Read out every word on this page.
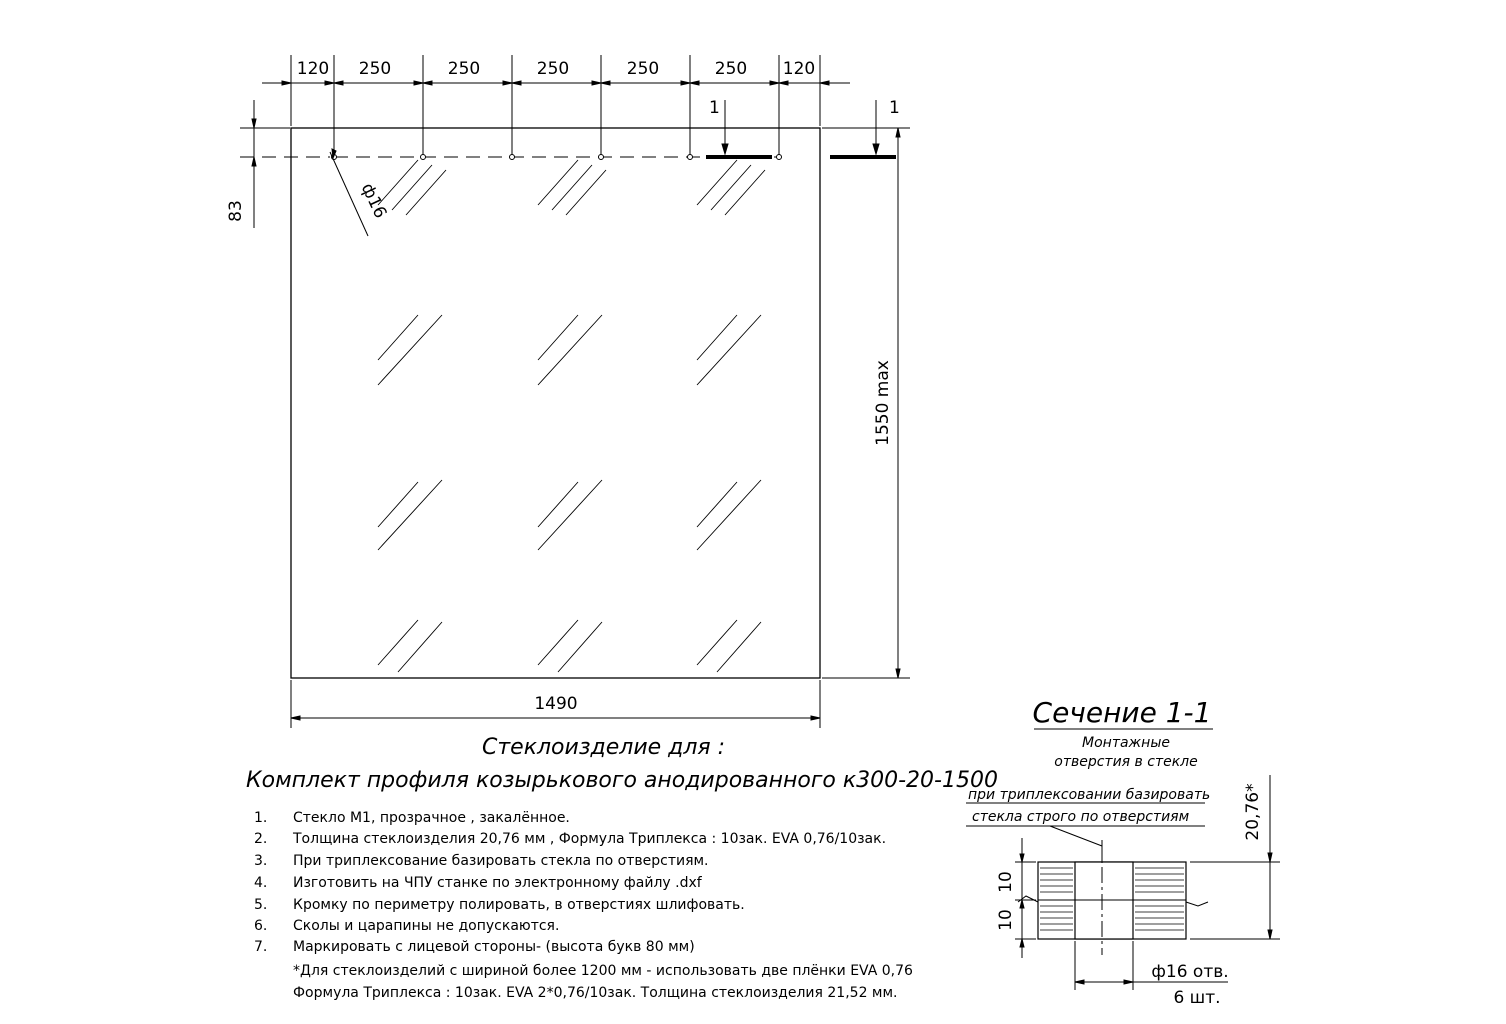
120 250	250	250	250	250 120
1490
1550 max
83	ф16
1	1
Сечение 1-1
Монтажные
отверстия в стекле
при триплексовании базировать
стекла строго по отверстиям	20,76*
10
10
ф16 отв.
6 шт.
Стеклоизделие для :
Комплект профиля козырькового анодированного к300-20-1500
1. Стекло М1, прозрачное , закалённое.
2. Толщина стеклоизделия 20,76 мм , Формула Триплекса : 10зак. EVA 0,76/10зак.
3. При триплексование базировать стекла по отверстиям.
4. Изготовить на ЧПУ станке по электронному файлу .dxf
5. Кромку по периметру полировать, в отверстиях шлифовать.
6. Сколы и царапины не допускаются.
7. Маркировать с лицевой стороны- (высота букв 80 мм)
*Для стеклоизделий с шириной более 1200 мм - использовать две плёнки EVA 0,76
Формула Триплекса : 10зак. EVA 2*0,76/10зак. Толщина стеклоизделия 21,52 мм.
